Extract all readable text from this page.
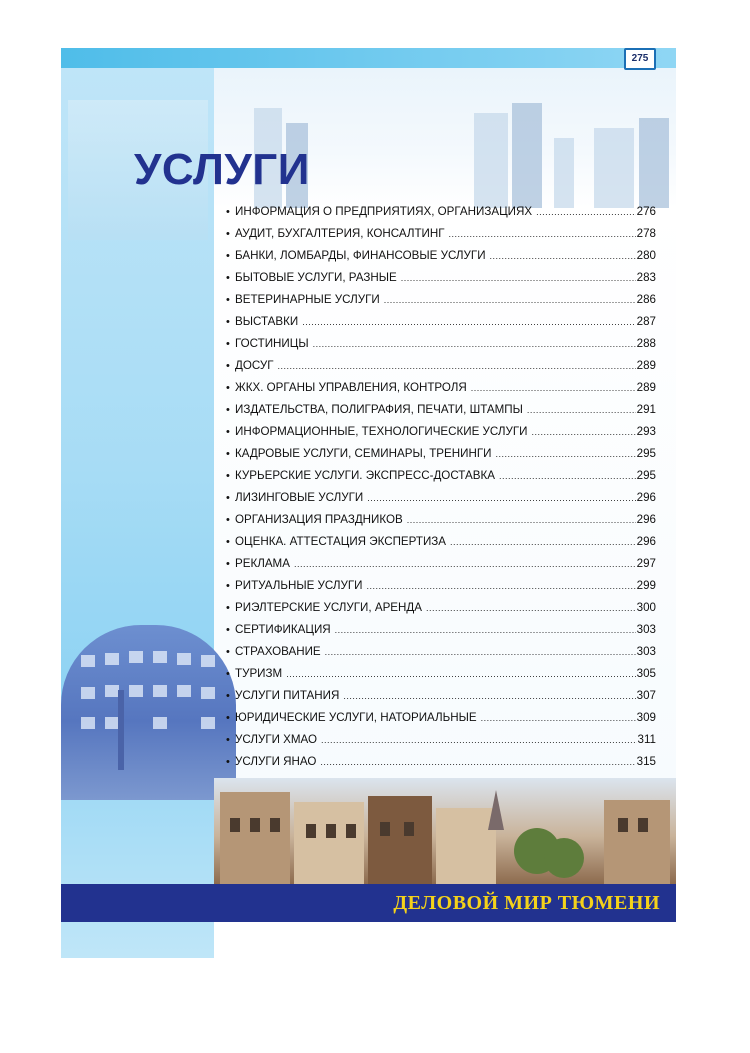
ДЕЛОВОЙ МИР ТЮМЕНИ
275
УСЛУГИ
• ИНФОРМАЦИЯ О ПРЕДПРИЯТИЯХ, ОРГАНИЗАЦИЯХ .....	276
• АУДИТ, БУХГАЛТЕРИЯ, КОНСАЛТИНГ .....	278
• БАНКИ, ЛОМБАРДЫ, ФИНАНСОВЫЕ УСЛУГИ .....	280
• БЫТОВЫЕ УСЛУГИ, РАЗНЫЕ .....	283
• ВЕТЕРИНАРНЫЕ УСЛУГИ .....	286
• ВЫСТАВКИ .....	287
• ГОСТИНИЦЫ .....	288
• ДОСУГ .....	289
• ЖКХ. ОРГАНЫ УПРАВЛЕНИЯ, КОНТРОЛЯ .....	289
• ИЗДАТЕЛЬСТВА, ПОЛИГРАФИЯ, ПЕЧАТИ, ШТАМПЫ .....	291
• ИНФОРМАЦИОННЫЕ, ТЕХНОЛОГИЧЕСКИЕ УСЛУГИ .....	293
• КАДРОВЫЕ УСЛУГИ, СЕМИНАРЫ, ТРЕНИНГИ .....	295
• КУРЬЕРСКИЕ УСЛУГИ. ЭКСПРЕСС-ДОСТАВКА .....	295
• ЛИЗИНГОВЫЕ УСЛУГИ .....	296
• ОРГАНИЗАЦИЯ ПРАЗДНИКОВ .....	296
• ОЦЕНКА. АТТЕСТАЦИЯ ЭКСПЕРТИЗА .....	296
• РЕКЛАМА .....	297
• РИТУАЛЬНЫЕ УСЛУГИ .....	299
• РИЭЛТЕРСКИЕ УСЛУГИ, АРЕНДА .....	300
• СЕРТИФИКАЦИЯ .....	303
• СТРАХОВАНИЕ .....	303
• ТУРИЗМ .....	305
• УСЛУГИ ПИТАНИЯ .....	307
• ЮРИДИЧЕСКИЕ УСЛУГИ, НАТОРИАЛЬНЫЕ .....	309
• УСЛУГИ ХМАО .....	311
• УСЛУГИ ЯНАО .....	315
